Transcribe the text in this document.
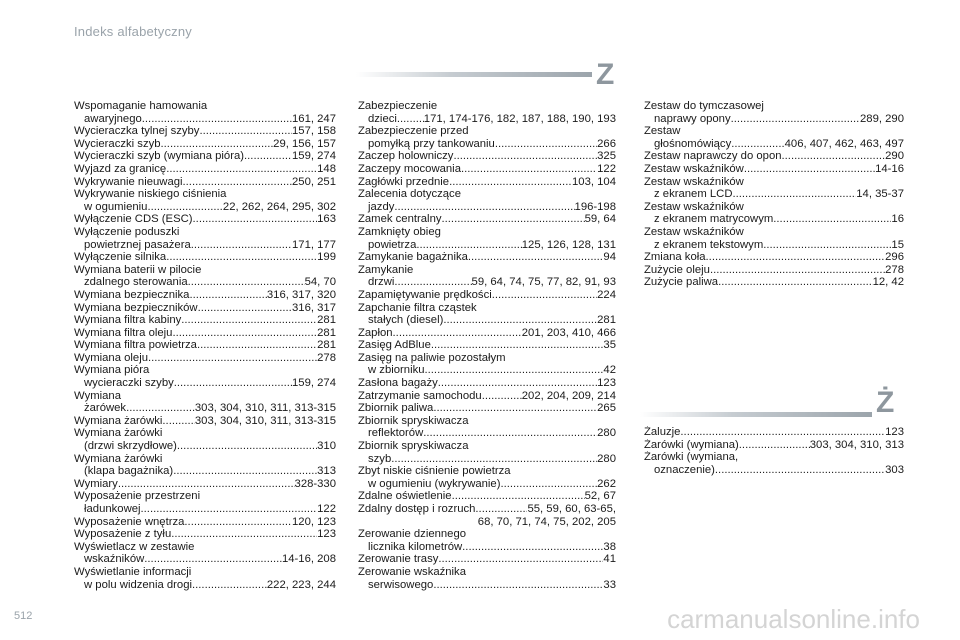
Indeks alfabetyczny
Z
Ż
Wspomaganie hamowania
awaryjnego .....	161, 247
Wycieraczka tylnej szyby .....	157, 158
Wycieraczki szyb .....	29, 156, 157
Wycieraczki szyb (wymiana pióra) .....	159, 274
Wyjazd za granicę .....	148
Wykrywanie nieuwagi .....	250, 251
Wykrywanie niskiego ciśnienia
w ogumieniu .....	22, 262, 264, 295, 302
Wyłączenie CDS (ESC) .....	163
Wyłączenie poduszki
powietrznej pasażera .....	171, 177
Wyłączenie silnika .....	199
Wymiana baterii w pilocie
zdalnego sterowania .....	54, 70
Wymiana bezpiecznika .....	316, 317, 320
Wymiana bezpieczników .....	316, 317
Wymiana filtra kabiny .....	281
Wymiana filtra oleju .....	281
Wymiana filtra powietrza .....	281
Wymiana oleju .....	278
Wymiana pióra
wycieraczki szyby .....	159, 274
Wymiana
żarówek .....	303, 304, 310, 311, 313-315
Wymiana żarówki .....	303, 304, 310, 311, 313-315
Wymiana żarówki
(drzwi skrzydłowe) .....	310
Wymiana żarówki
(klapa bagażnika) .....	313
Wymiary .....	328-330
Wyposażenie przestrzeni
ładunkowej .....	122
Wyposażenie wnętrza .....	120, 123
Wyposażenie z tyłu .....	123
Wyświetlacz w zestawie
wskaźników .....	14-16, 208
Wyświetlanie informacji
w polu widzenia drogi .....	222, 223, 244
Zabezpieczenie
dzieci ..... 171, 174-176, 182, 187, 188, 190, 193
Zabezpieczenie przed
pomyłką przy tankowaniu .....	266
Zaczep holowniczy .....	325
Zaczepy mocowania .....	122
Zagłówki przednie .....	103, 104
Zalecenia dotyczące
jazdy .....	196-198
Zamek centralny .....	59, 64
Zamknięty obieg
powietrza .....	125, 126, 128, 131
Zamykanie bagażnika .....	94
Zamykanie
drzwi .....	59, 64, 74, 75, 77, 82, 91, 93
Zapamiętywanie prędkości .....	224
Zapchanie filtra cząstek
stałych (diesel) .....	281
Zapłon .....	201, 203, 410, 466
Zasięg AdBlue .....	35
Zasięg na paliwie pozostałym
w zbiorniku .....	42
Zasłona bagaży .....	123
Zatrzymanie samochodu .....	202, 204, 209, 214
Zbiornik paliwa .....	265
Zbiornik spryskiwacza
reflektorów .....	280
Zbiornik spryskiwacza
szyb .....	280
Zbyt niskie ciśnienie powietrza
w ogumieniu (wykrywanie) .....	262
Zdalne oświetlenie .....	52, 67
Zdalny dostęp i rozruch .....	55, 59, 60, 63-65,
68, 70, 71, 74, 75, 202, 205
Zerowanie dziennego
licznika kilometrów .....	38
Zerowanie trasy .....	41
Zerowanie wskaźnika
serwisowego .....	33
Zestaw do tymczasowej
naprawy opony .....	289, 290
Zestaw
głośnomówiący .....	406, 407, 462, 463, 497
Zestaw naprawczy do opon .....	290
Zestaw wskaźników .....	14-16
Zestaw wskaźników
z ekranem LCD .....	14, 35-37
Zestaw wskaźników
z ekranem matrycowym .....	16
Zestaw wskaźników
z ekranem tekstowym .....	15
Zmiana koła .....	296
Zużycie oleju .....	278
Zużycie paliwa .....	12, 42
Żaluzje .....	123
Żarówki (wymiana) .....	303, 304, 310, 313
Żarówki (wymiana,
oznaczenie) .....	303
512	carmanualsonline.info
